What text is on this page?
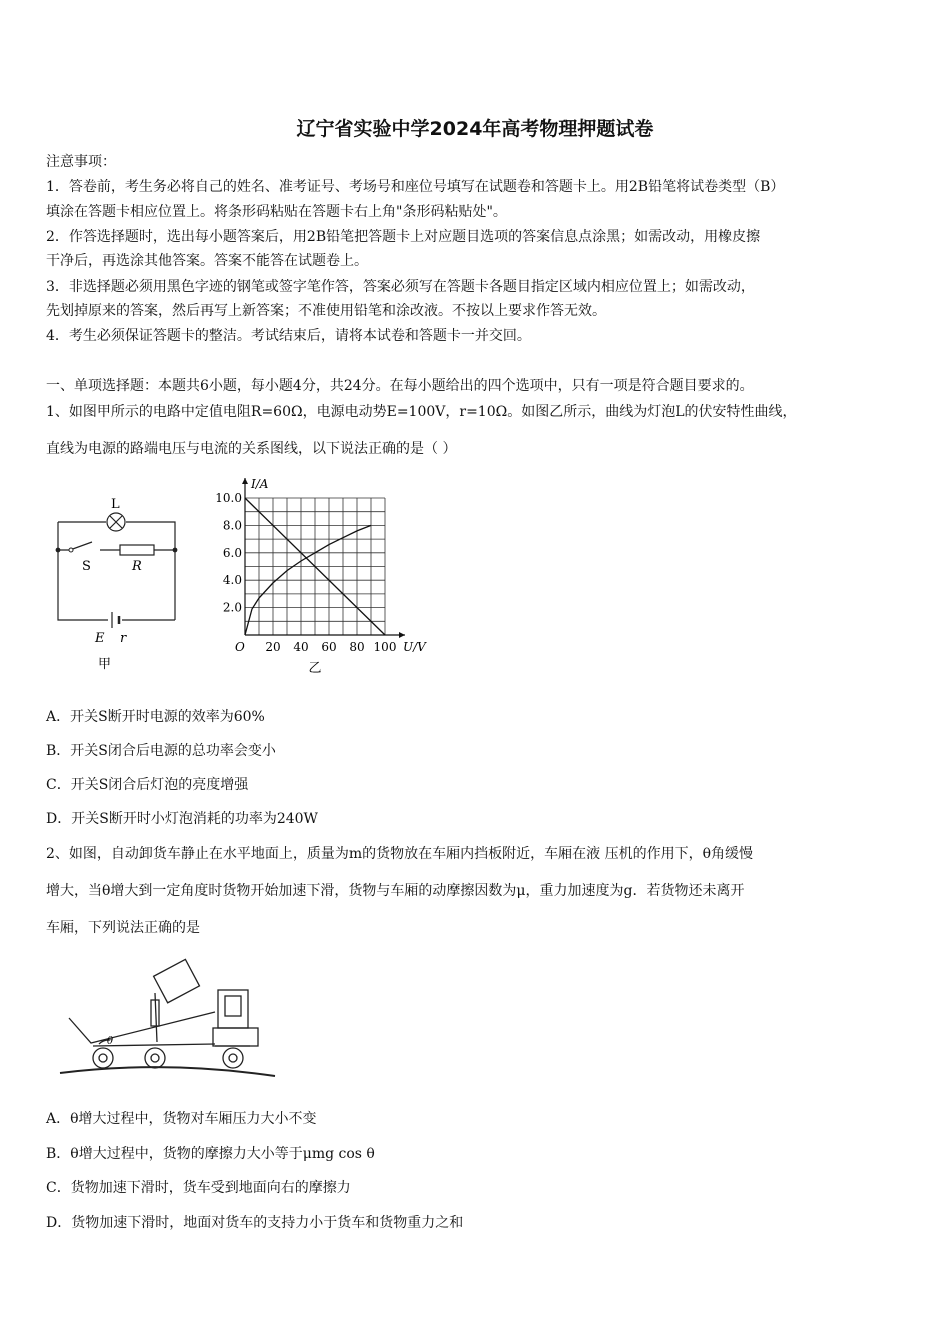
辽宁省实验中学2024年高考物理押题试卷
注意事项：
1．答卷前，考生务必将自己的姓名、准考证号、考场号和座位号填写在试题卷和答题卡上。用2B铅笔将试卷类型（B）
填涂在答题卡相应位置上。将条形码粘贴在答题卡右上角"条形码粘贴处"。
2．作答选择题时，选出每小题答案后，用2B铅笔把答题卡上对应题目选项的答案信息点涂黑；如需改动，用橡皮擦
干净后，再选涂其他答案。答案不能答在试题卷上。
3．非选择题必须用黑色字迹的钢笔或签字笔作答，答案必须写在答题卡各题目指定区域内相应位置上；如需改动，
先划掉原来的答案，然后再写上新答案；不准使用铅笔和涂改液。不按以上要求作答无效。
4．考生必须保证答题卡的整洁。考试结束后，请将本试卷和答题卡一并交回。
一、单项选择题：本题共6小题，每小题4分，共24分。在每小题给出的四个选项中，只有一项是符合题目要求的。
1、如图甲所示的电路中定值电阻R=60Ω，电源电动势E=100V，r=10Ω。如图乙所示，曲线为灯泡L的伏安特性曲线，
直线为电源的路端电压与电流的关系图线，以下说法正确的是（ ）
L
S	R
E r
甲
20 40 60 80 100
2.0
4.0
6.0
8.0
10.0
O	U/V
I/A
乙
A．开关S断开时电源的效率为60%
B．开关S闭合后电源的总功率会变小
C．开关S闭合后灯泡的亮度增强
D．开关S断开时小灯泡消耗的功率为240W
2、如图，自动卸货车静止在水平地面上，质量为m的货物放在车厢内挡板附近，车厢在液 压机的作用下，θ角缓慢
增大，当θ增大到一定角度时货物开始加速下滑，货物与车厢的动摩擦因数为μ，重力加速度为g．若货物还未离开
车厢，下列说法正确的是
θ
A．θ增大过程中，货物对车厢压力大小不变
B．θ增大过程中，货物的摩擦力大小等于μmg cos θ
C．货物加速下滑时，货车受到地面向右的摩擦力
D．货物加速下滑时，地面对货车的支持力小于货车和货物重力之和
